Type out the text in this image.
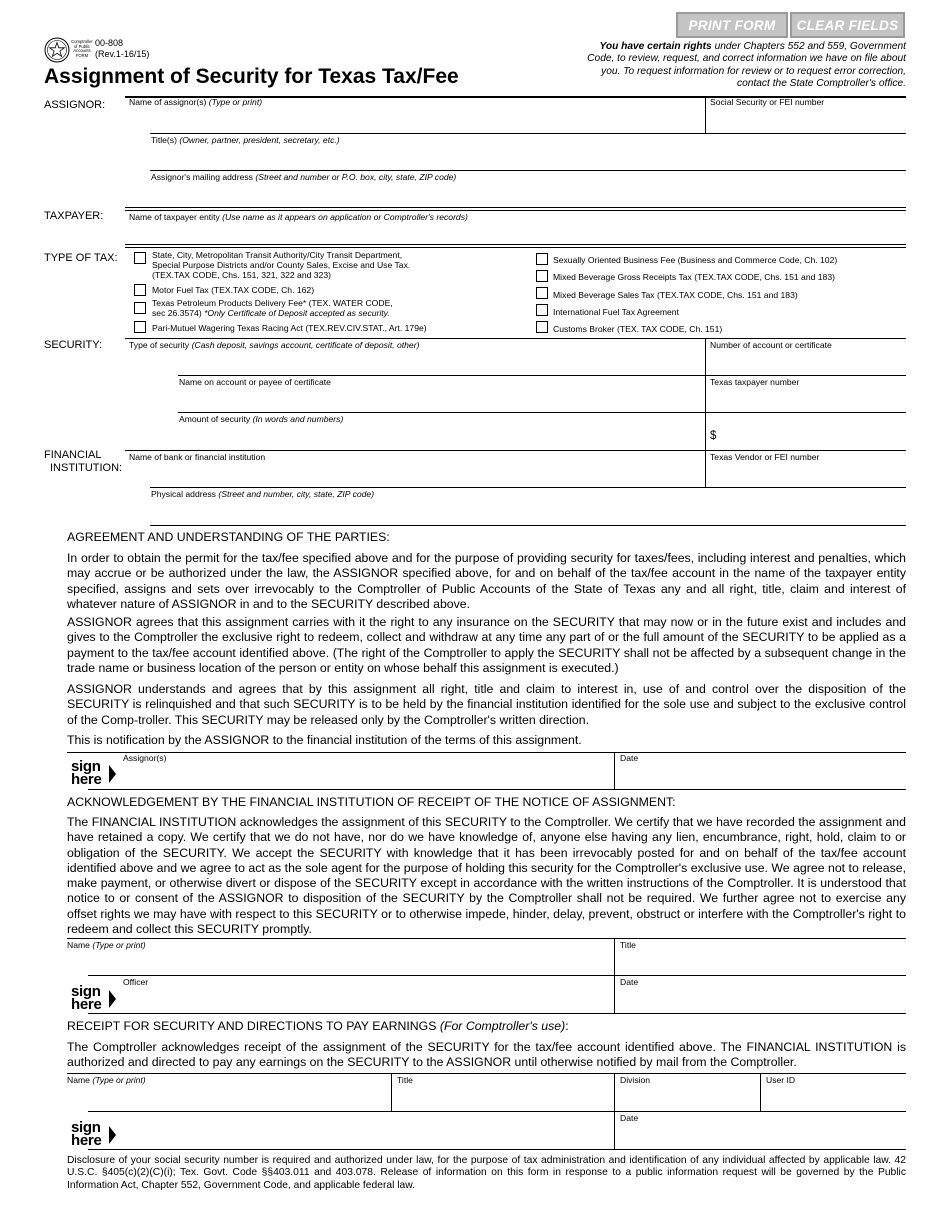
PRINT FORM	CLEAR FIELDS
Comptroller of Public Accounts FORM
00-808
(Rev.1-16/15)
Assignment of Security for Texas Tax/Fee
You have certain rights under Chapters 552 and 559, Government Code, to review, request, and correct information we have on file about you. To request information for review or to request error correction, contact the State Comptroller's office.
ASSIGNOR:	Name of assignor(s) (Type or print)	Social Security or FEI number
Title(s) (Owner, partner, president, secretary, etc.)
Assignor's mailing address (Street and number or P.O. box, city, state, ZIP code)
TAXPAYER:	Name of taxpayer entity (Use name as it appears on application or Comptroller's records)
TYPE OF TAX:	State, City, Metropolitan Transit Authority/City Transit Department,
Special Purpose Districts and/or County Sales, Excise and Use Tax.
(TEX.TAX CODE, Chs. 151, 321, 322 and 323)
Motor Fuel Tax (TEX.TAX CODE, Ch. 162)
Texas Petroleum Products Delivery Fee* (TEX. WATER CODE,
sec 26.3574) *Only Certificate of Deposit accepted as security.
Pari-Mutuel Wagering Texas Racing Act (TEX.REV.CIV.STAT., Art. 179e)
Sexually Oriented Business Fee (Business and Commerce Code, Ch. 102)
Mixed Beverage Gross Receipts Tax (TEX.TAX CODE, Chs. 151 and 183)
Mixed Beverage Sales Tax (TEX.TAX CODE, Chs. 151 and 183)
International Fuel Tax Agreement
Customs Broker (TEX. TAX CODE, Ch. 151)
SECURITY:	Type of security (Cash deposit, savings account, certificate of deposit, other)	Number of account or certificate
Name on account or payee of certificate	Texas taxpayer number
Amount of security (In words and numbers)
$
FINANCIAL
INSTITUTION:
Name of bank or financial institution	Texas Vendor or FEI number
Physical address (Street and number, city, state, ZIP code)
AGREEMENT AND UNDERSTANDING OF THE PARTIES:
In order to obtain the permit for the tax/fee specified above and for the purpose of providing security for taxes/fees, including interest and penalties, which may accrue or be authorized under the law, the ASSIGNOR specified above, for and on behalf of the tax/fee account in the name of the taxpayer entity specified, assigns and sets over irrevocably to the Comptroller of Public Accounts of the State of Texas any and all right, title, claim and interest of whatever nature of ASSIGNOR in and to the SECURITY described above.
ASSIGNOR agrees that this assignment carries with it the right to any insurance on the SECURITY that may now or in the future exist and includes and gives to the Comptroller the exclusive right to redeem, collect and withdraw at any time any part of or the full amount of the SECURITY to be applied as a payment to the tax/fee account identified above. (The right of the Comptroller to apply the SECURITY shall not be affected by a subsequent change in the trade name or business location of the person or entity on whose behalf this assignment is executed.)
ASSIGNOR understands and agrees that by this assignment all right, title and claim to interest in, use of and control over the disposition of the SECURITY is relinquished and that such SECURITY is to be held by the financial institution identified for the sole use and subject to the exclusive control of the Comp-troller. This SECURITY may be released only by the Comptroller's written direction.
This is notification by the ASSIGNOR to the financial institution of the terms of this assignment.
sign
here
Assignor(s)	Date
ACKNOWLEDGEMENT BY THE FINANCIAL INSTITUTION OF RECEIPT OF THE NOTICE OF ASSIGNMENT:
The FINANCIAL INSTITUTION acknowledges the assignment of this SECURITY to the Comptroller. We certify that we have recorded the assignment and have retained a copy. We certify that we do not have, nor do we have knowledge of, anyone else having any lien, encumbrance, right, hold, claim to or obligation of the SECURITY. We accept the SECURITY with knowledge that it has been irrevocably posted for and on behalf of the tax/fee account identified above and we agree to act as the sole agent for the purpose of holding this security for the Comptroller's exclusive use. We agree not to release, make payment, or otherwise divert or dispose of the SECURITY except in accordance with the written instructions of the Comptroller. It is understood that notice to or consent of the ASSIGNOR to disposition of the SECURITY by the Comptroller shall not be required. We further agree not to exercise any offset rights we may have with respect to this SECURITY or to otherwise impede, hinder, delay, prevent, obstruct or interfere with the Comptroller's right to redeem and collect this SECURITY promptly.
Name (Type or print)	Title
sign
here
Officer	Date
RECEIPT FOR SECURITY AND DIRECTIONS TO PAY EARNINGS (For Comptroller's use):
The Comptroller acknowledges receipt of the assignment of the SECURITY for the tax/fee account identified above. The FINANCIAL INSTITUTION is authorized and directed to pay any earnings on the SECURITY to the ASSIGNOR until otherwise notified by mail from the Comptroller.
Name (Type or print)	Title	Division	User ID
sign
here
Date
Disclosure of your social security number is required and authorized under law, for the purpose of tax administration and identification of any individual affected by applicable law. 42 U.S.C. §405(c)(2)(C)(i); Tex. Govt. Code §§403.011 and 403.078. Release of information on this form in response to a public information request will be governed by the Public Information Act, Chapter 552, Government Code, and applicable federal law.
